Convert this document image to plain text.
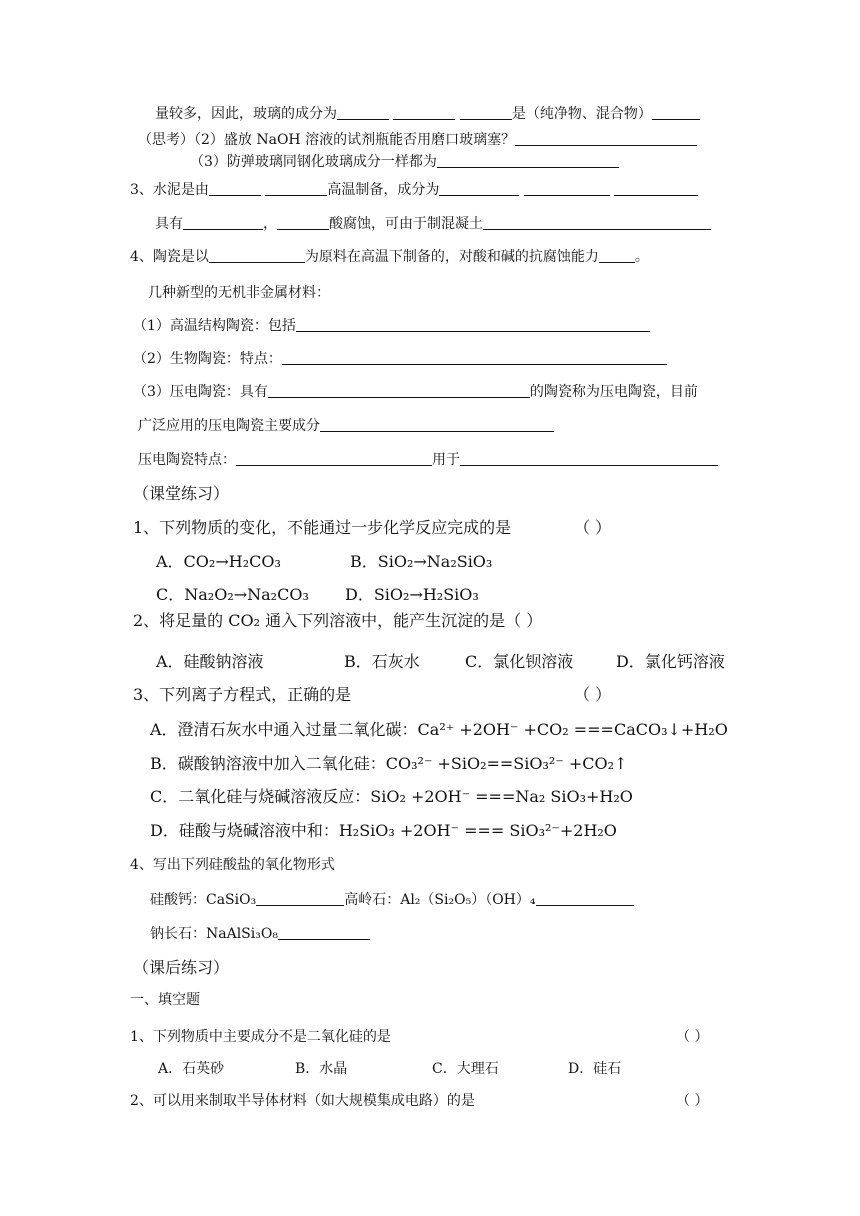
量较多，因此，玻璃的成分为	是（纯净物、混合物）
（思考）（2）盛放 NaOH 溶液的试剂瓶能否用磨口玻璃塞？
（3）防弹玻璃同钢化玻璃成分一样都为
3、水泥是由	高温制备，成分为
具有	，	酸腐蚀，可由于制混凝土
4、陶瓷是以	为原料在高温下制备的，对酸和碱的抗腐蚀能力	。
几种新型的无机非金属材料：
（1）高温结构陶瓷：包括
（2）生物陶瓷：特点：
（3）压电陶瓷：具有	的陶瓷称为压电陶瓷，目前
广泛应用的压电陶瓷主要成分
压电陶瓷特点：	用于
（课堂练习）
1、下列物质的变化，不能通过一步化学反应完成的是	（ ）
A．CO₂→H₂CO₃	B．SiO₂→Na₂SiO₃
C．Na₂O₂→Na₂CO₃ D．SiO₂→H₂SiO₃
2、将足量的 CO₂ 通入下列溶液中，能产生沉淀的是（ ）
A．硅酸钠溶液	B．石灰水	C．氯化钡溶液	D．氯化钙溶液
3、下列离子方程式，正确的是	（ ）
A．澄清石灰水中通入过量二氧化碳：Ca²⁺ +2OH⁻ +CO₂ ===CaCO₃↓+H₂O
B．碳酸钠溶液中加入二氧化硅：CO₃²⁻ +SiO₂==SiO₃²⁻ +CO₂↑
C．二氧化硅与烧碱溶液反应：SiO₂ +2OH⁻ ===Na₂ SiO₃+H₂O
D．硅酸与烧碱溶液中和：H₂SiO₃ +2OH⁻ === SiO₃²⁻+2H₂O
4、写出下列硅酸盐的氧化物形式
硅酸钙：CaSiO₃	高岭石：Al₂（Si₂O₅）（OH）₄
钠长石：NaAlSi₃O₈
（课后练习）
一、填空题
1、下列物质中主要成分不是二氧化硅的是	（ ）
A．石英砂	B．水晶	C．大理石	D．硅石
2、可以用来制取半导体材料（如大规模集成电路）的是	（ ）
